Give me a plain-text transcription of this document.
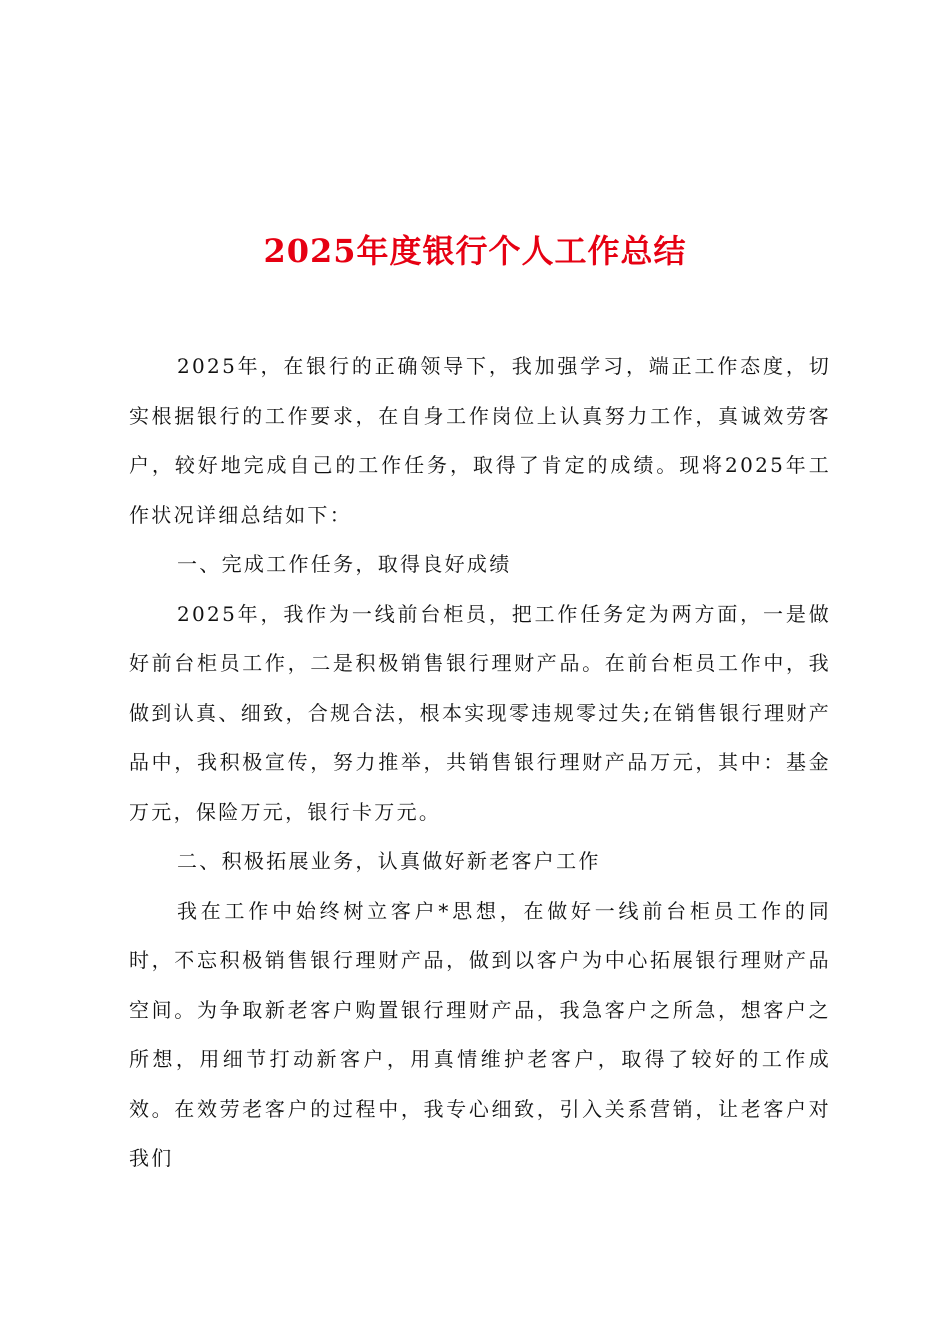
2025年度银行个人工作总结

2025年，在银行的正确领导下，我加强学习，端正工作态度，切实根据银行的工作要求，在自身工作岗位上认真努力工作，真诚效劳客户，较好地完成自己的工作任务，取得了肯定的成绩。现将2025年工作状况详细总结如下：

一、完成工作任务，取得良好成绩

2025年，我作为一线前台柜员，把工作任务定为两方面，一是做好前台柜员工作，二是积极销售银行理财产品。在前台柜员工作中，我做到认真、细致，合规合法，根本实现零违规零过失;在销售银行理财产品中，我积极宣传，努力推举，共销售银行理财产品万元，其中：基金万元，保险万元，银行卡万元。

二、积极拓展业务，认真做好新老客户工作

我在工作中始终树立客户*思想，在做好一线前台柜员工作的同时，不忘积极销售银行理财产品，做到以客户为中心拓展银行理财产品空间。为争取新老客户购置银行理财产品，我急客户之所急，想客户之所想，用细节打动新客户，用真情维护老客户，取得了较好的工作成效。在效劳老客户的过程中，我专心细致，引入关系营销，让老客户对我们
